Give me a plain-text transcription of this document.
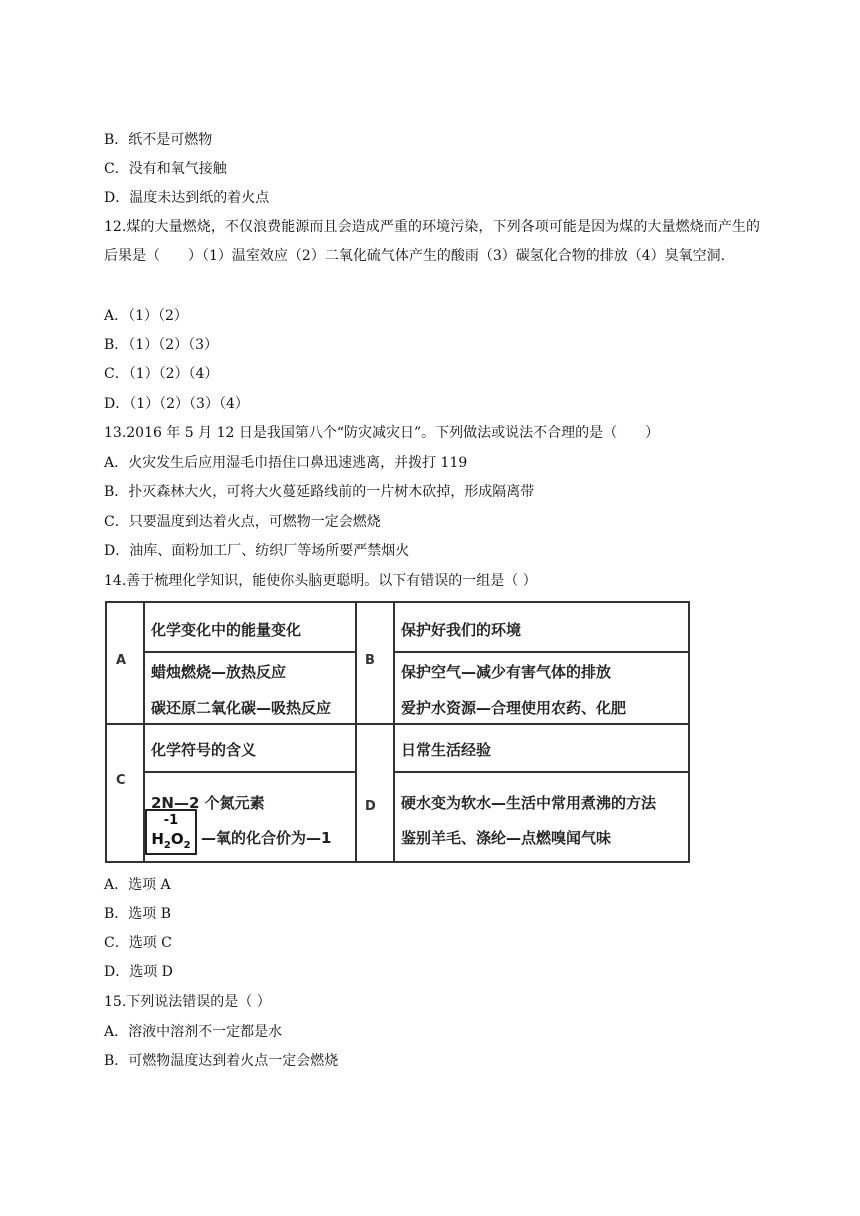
B．纸不是可燃物
C．没有和氧气接触
D．温度未达到纸的着火点
12.煤的大量燃烧，不仅浪费能源而且会造成严重的环境污染，下列各项可能是因为煤的大量燃烧而产生的后果是（　　）（1）温室效应（2）二氧化硫气体产生的酸雨（3）碳氢化合物的排放（4）臭氧空洞.
A．（1）（2）
B．（1）（2）（3）
C．（1）（2）（4）
D．（1）（2）（3）（4）
13.2016 年 5 月 12 日是我国第八个“防灾减灾日”。下列做法或说法不合理的是（　　）
A．火灾发生后应用湿毛巾捂住口鼻迅速逃离，并拨打 119
B．扑灭森林大火，可将大火蔓延路线前的一片树木砍掉，形成隔离带
C．只要温度到达着火点，可燃物一定会燃烧
D．油库、面粉加工厂、纺织厂等场所要严禁烟火
14.善于梳理化学知识，能使你头脑更聪明。以下有错误的一组是（ ）
A
化学变化中的能量变化
蜡烛燃烧—放热反应
碳还原二氧化碳—吸热反应
B
保护好我们的环境
保护空气—减少有害气体的排放
爱护水资源—合理使用农药、化肥
C
化学符号的含义
2N—2 个氮元素
-1
$H_2O_2$ —氧的化合价为—1
D
日常生活经验
硬水变为软水—生活中常用煮沸的方法
鉴别羊毛、涤纶—点燃嗅闻气味
A．选项 A
B．选项 B
C．选项 C
D．选项 D
15.下列说法错误的是（ ）
A．溶液中溶剂不一定都是水
B．可燃物温度达到着火点一定会燃烧
